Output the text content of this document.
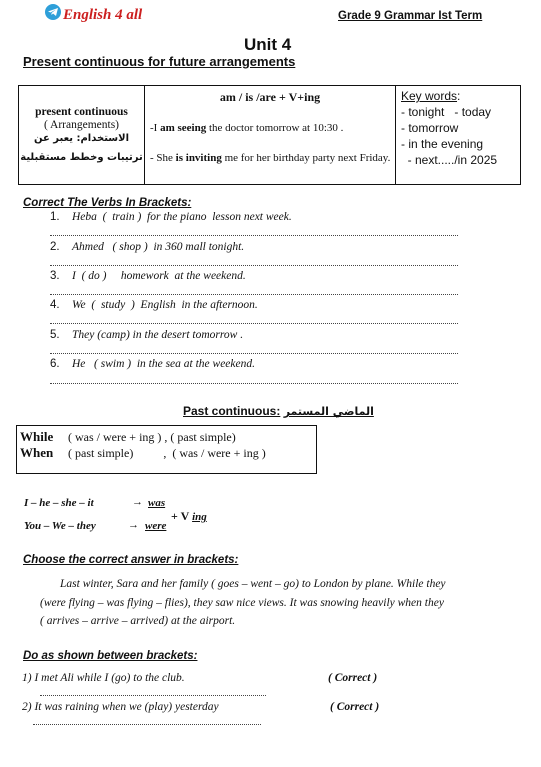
English 4 all	Grade 9 Grammar Ist Term
Unit 4
Present continuous for future arrangements
present continuous
( Arrangements)
الاستخدام: يعبر عن
ترتيبات وخطط مستقبلية

am / is /are + V+ing
-I am seeing the doctor tomorrow at 10:30 .
- She is inviting me for her birthday party next Friday.

Key words:
- tonight   - today
- tomorrow
- in the evening
- next...../in 2025
Correct The Verbs In Brackets:
1. Heba  (  train )  for the piano  lesson next week.
2. Ahmed   ( shop )  in 360 mall tonight.
3. I  ( do )     homework  at the weekend.
4. We  (  study  )  English  in the afternoon.
5. They (camp) in the desert tomorrow .
6. He   ( swim )  in the sea at the weekend.
Past continuous: الماضي المستمر
While ( was / were + ing ) , ( past simple)
When ( past simple)          ,  ( was / were + ing )
I – he – she – it	→ was
+ V ing
You – We – they	→ were
Choose the correct answer in brackets:
Last winter, Sara and her family ( goes – went – go) to London by plane. While they
(were flying – was flying – flies), they saw nice views. It was snowing heavily when they
( arrives – arrive – arrived) at the airport.
Do as shown between brackets:
1) I met Ali while I (go) to the club.	( Correct )
2) It was raining when we (play) yesterday	( Correct )
